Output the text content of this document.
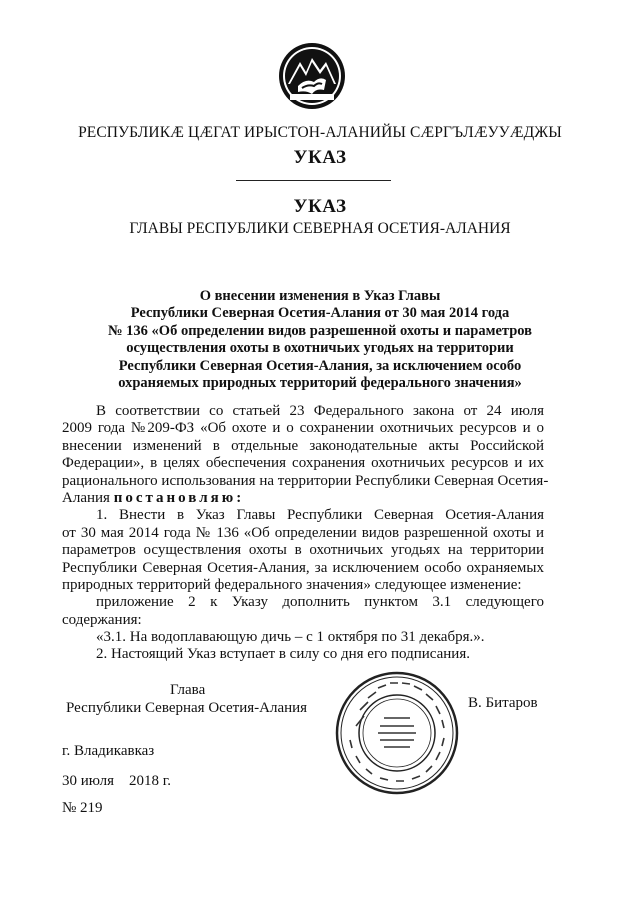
РЕСПУБЛИКÆ ЦÆГАТ ИРЫСТОН-АЛАНИЙЫ СÆРГЪЛÆУУÆДЖЫ
УКАЗ
УКАЗ
ГЛАВЫ РЕСПУБЛИКИ СЕВЕРНАЯ ОСЕТИЯ-АЛАНИЯ
О внесении изменения в Указ Главы
Республики Северная Осетия-Алания от 30 мая 2014 года
№ 136 «Об определении видов разрешенной охоты и параметров
осуществления охоты в охотничьих угодьях на территории
Республики Северная Осетия-Алания, за исключением особо
охраняемых природных территорий федерального значения»
В соответствии со статьей 23 Федерального закона от 24 июля
2009 года №209-ФЗ «Об охоте и о сохранении охотничьих ресурсов и о
внесении изменений в отдельные законодательные акты Российской
Федерации», в целях обеспечения сохранения охотничьих ресурсов и их
рационального использования на территории Республики Северная Осетия-
Алания постановляю:
1. Внести в Указ Главы Республики Северная Осетия-Алания
от 30 мая 2014 года № 136 «Об определении видов разрешенной охоты и
параметров осуществления охоты в охотничьих угодьях на территории
Республики Северная Осетия-Алания, за исключением особо охраняемых
природных территорий федерального значения» следующее изменение:
приложение 2 к Указу дополнить пунктом 3.1 следующего
содержания:
«3.1. На водоплавающую дичь – с 1 октября по 31 декабря.».
2. Настоящий Указ вступает в силу со дня его подписания.
Глава
Республики Северная Осетия-Алания	В. Битаров
г. Владикавказ
30 июля    2018 г.
№ 219
